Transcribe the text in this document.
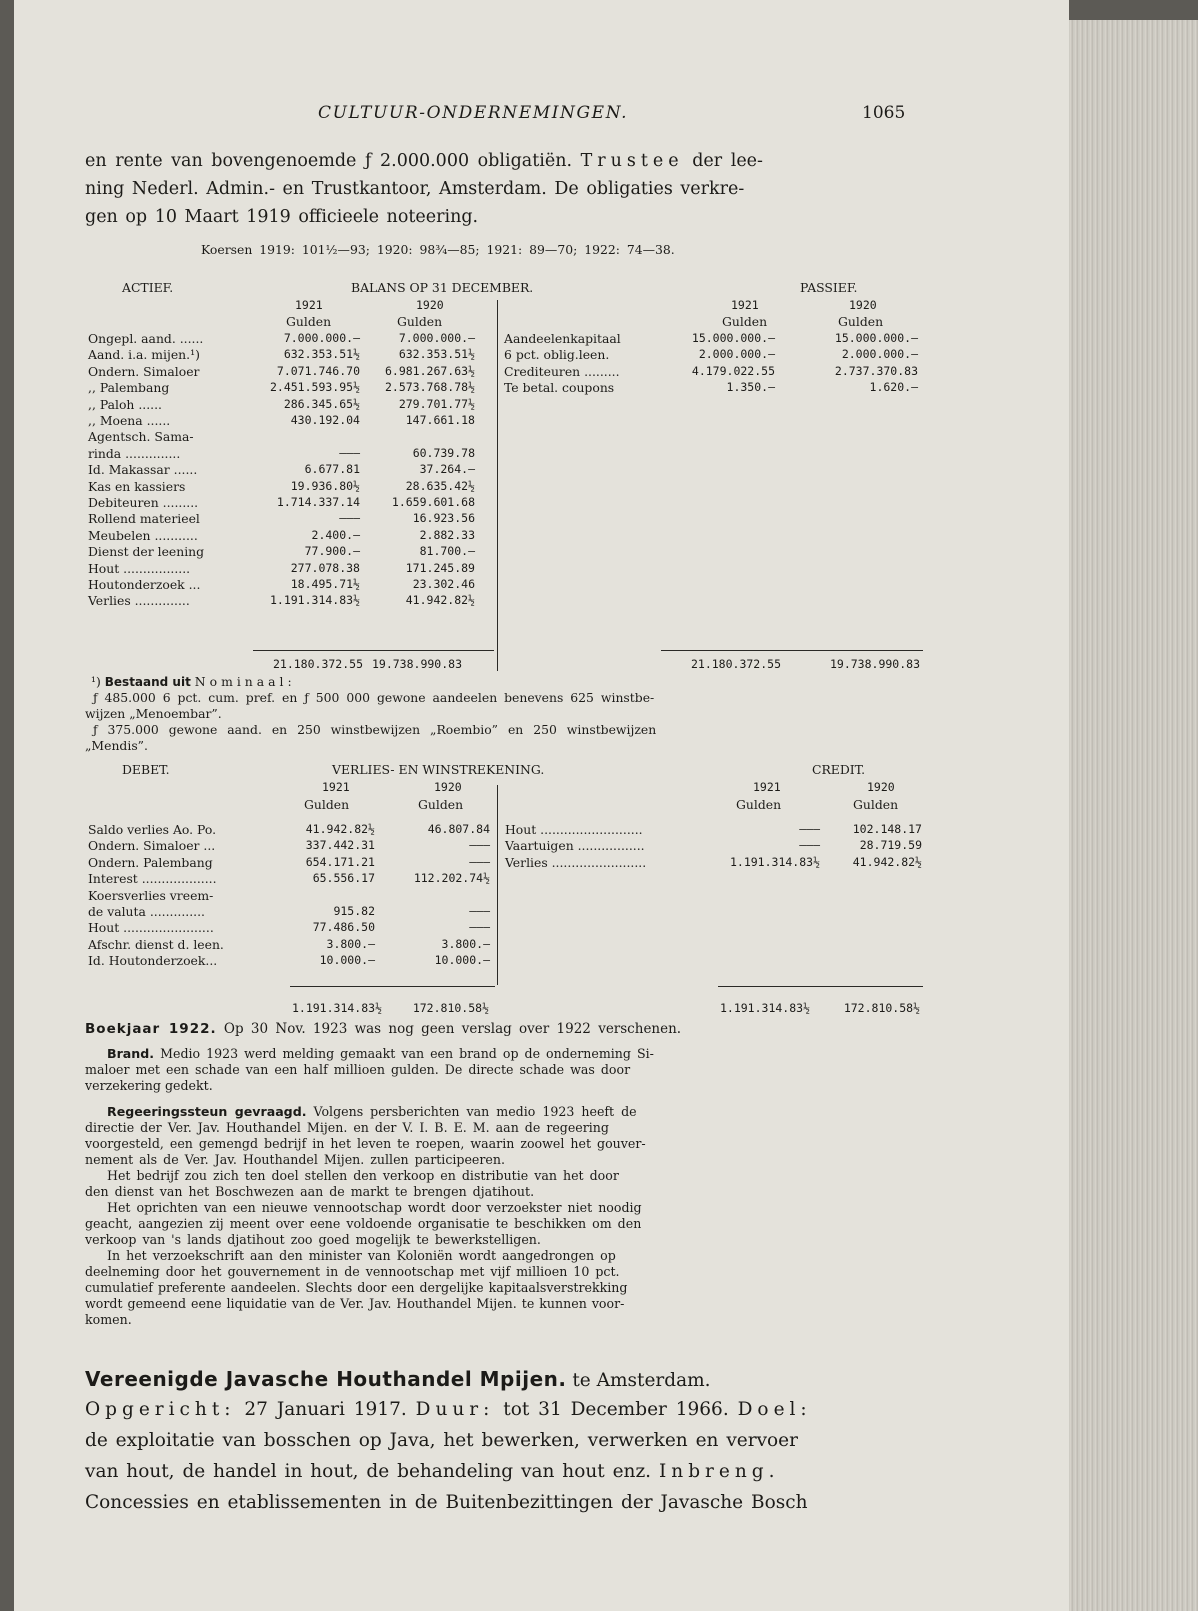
CULTUUR-ONDERNEMINGEN.	1065
en rente van bovengenoemde ƒ 2.000.000 obligatiën. Trustee der lee-
ning Nederl. Admin.- en Trustkantoor, Amsterdam. De obligaties verkre-
gen op 10 Maart 1919 officieele noteering.
Koersen 1919: 101½—93; 1920: 98¾—85; 1921: 89—70; 1922: 74—38.
ACTIEF.	BALANS OP 31 DECEMBER.	PASSIEF.
1921	1920
Gulden	Gulden
1921	1920
Gulden	Gulden
Ongepl. aand. ......	7.000.000.—	7.000.000.—
Aand. i.a. mijen.¹)	632.353.51½	632.353.51½
Ondern. Simaloer	7.071.746.70	6.981.267.63½
,, Palembang	2.451.593.95½	2.573.768.78½
,, Paloh ......	286.345.65½	279.701.77½
,, Moena ......	430.192.04	147.661.18
Agentsch. Sama-
rinda ..............	———	60.739.78
Id. Makassar ......	6.677.81	37.264.—
Kas en kassiers	19.936.80½	28.635.42½
Debiteuren .........	1.714.337.14	1.659.601.68
Rollend materieel	———	16.923.56
Meubelen ...........	2.400.—	2.882.33
Dienst der leening	77.900.—	81.700.—
Hout .................	277.078.38	171.245.89
Houtonderzoek ...	18.495.71½	23.302.46
Verlies ..............	1.191.314.83½	41.942.82½
Aandeelenkapitaal	15.000.000.—	15.000.000.—
6 pct. oblig.leen.	2.000.000.—	2.000.000.—
Crediteuren .........	4.179.022.55	2.737.370.83
Te betal. coupons	1.350.—	1.620.—
21.180.372.55 19.738.990.83	21.180.372.55	19.738.990.83
¹) Bestaand uit Nominaal:
ƒ 485.000 6 pct. cum. pref. en ƒ 500 000 gewone aandeelen benevens 625 winstbe-
wijzen „Menoembar”.
ƒ 375.000 gewone aand. en 250 winstbewijzen „Roembio” en 250 winstbewijzen
„Mendis”.
DEBET.	VERLIES- EN WINSTREKENING.	CREDIT.
1921	1920
Gulden	Gulden
1921	1920
Gulden	Gulden
Saldo verlies Ao. Po.	41.942.82½	46.807.84
Ondern. Simaloer ...	337.442.31	———
Ondern. Palembang	654.171.21	———
Interest ...................	65.556.17	112.202.74½
Koersverlies vreem-
de valuta ..............	915.82	———
Hout .......................	77.486.50	———
Afschr. dienst d. leen.	3.800.—	3.800.—
Id. Houtonderzoek...	10.000.—	10.000.—
Hout ..........................	———	102.148.17
Vaartuigen .................	———	28.719.59
Verlies ........................	1.191.314.83½	41.942.82½
1.191.314.83½	172.810.58½	1.191.314.83½	172.810.58½
Boekjaar 1922. Op 30 Nov. 1923 was nog geen verslag over 1922 verschenen.
Brand. Medio 1923 werd melding gemaakt van een brand op de onderneming Si-
maloer met een schade van een half millioen gulden. De directe schade was door
verzekering gedekt.
Regeeringssteun gevraagd. Volgens persberichten van medio 1923 heeft de
directie der Ver. Jav. Houthandel Mijen. en der V. I. B. E. M. aan de regeering
voorgesteld, een gemengd bedrijf in het leven te roepen, waarin zoowel het gouver-
nement als de Ver. Jav. Houthandel Mijen. zullen participeeren.
Het bedrijf zou zich ten doel stellen den verkoop en distributie van het door
den dienst van het Boschwezen aan de markt te brengen djatihout.
Het oprichten van een nieuwe vennootschap wordt door verzoekster niet noodig
geacht, aangezien zij meent over eene voldoende organisatie te beschikken om den
verkoop van 's lands djatihout zoo goed mogelijk te bewerkstelligen.
In het verzoekschrift aan den minister van Koloniën wordt aangedrongen op
deelneming door het gouvernement in de vennootschap met vijf millioen 10 pct.
cumulatief preferente aandeelen. Slechts door een dergelijke kapitaalsverstrekking
wordt gemeend eene liquidatie van de Ver. Jav. Houthandel Mijen. te kunnen voor-
komen.
Vereenigde Javasche Houthandel Mpijen. te Amsterdam.
Opgericht: 27 Januari 1917. Duur: tot 31 December 1966. Doel:
de exploitatie van bosschen op Java, het bewerken, verwerken en vervoer
van hout, de handel in hout, de behandeling van hout enz. Inbreng.
Concessies en etablissementen in de Buitenbezittingen der Javasche Bosch
